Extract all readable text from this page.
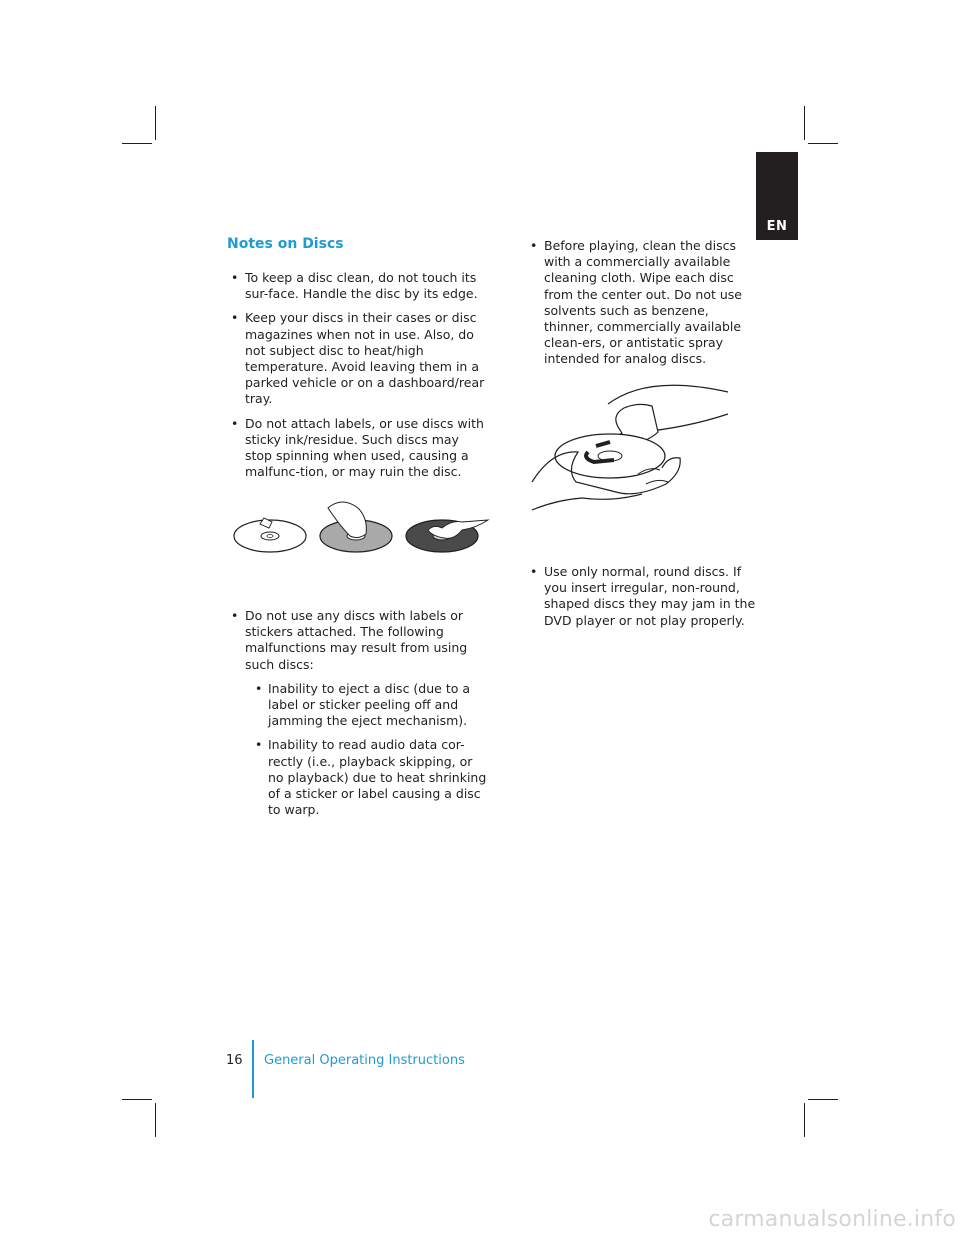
EN
Notes on Discs
• To keep a disc clean, do not touch its sur-face. Handle the disc by its edge.
• Keep your discs in their cases or disc magazines when not in use. Also, do not subject disc to heat/high temperature. Avoid leaving them in a parked vehicle or on a dashboard/rear tray.
• Do not attach labels, or use discs with sticky ink/residue. Such discs may stop spinning when used, causing a malfunc-tion, or may ruin the disc.
• Do not use any discs with labels or stickers attached. The following malfunctions may result from using such discs:
• Inability to eject a disc (due to a label or sticker peeling off and jamming the eject mechanism).
• Inability to read audio data cor-rectly (i.e., playback skipping, or no playback) due to heat shrinking of a sticker or label causing a disc to warp.
• Before playing, clean the discs with a commercially available cleaning cloth. Wipe each disc from the center out. Do not use solvents such as benzene, thinner, commercially available clean-ers, or antistatic spray intended for analog discs.
• Use only normal, round discs. If you insert irregular, non-round, shaped discs they may jam in the DVD player or not play properly.
16 General Operating Instructions
carmanualsonline.info
